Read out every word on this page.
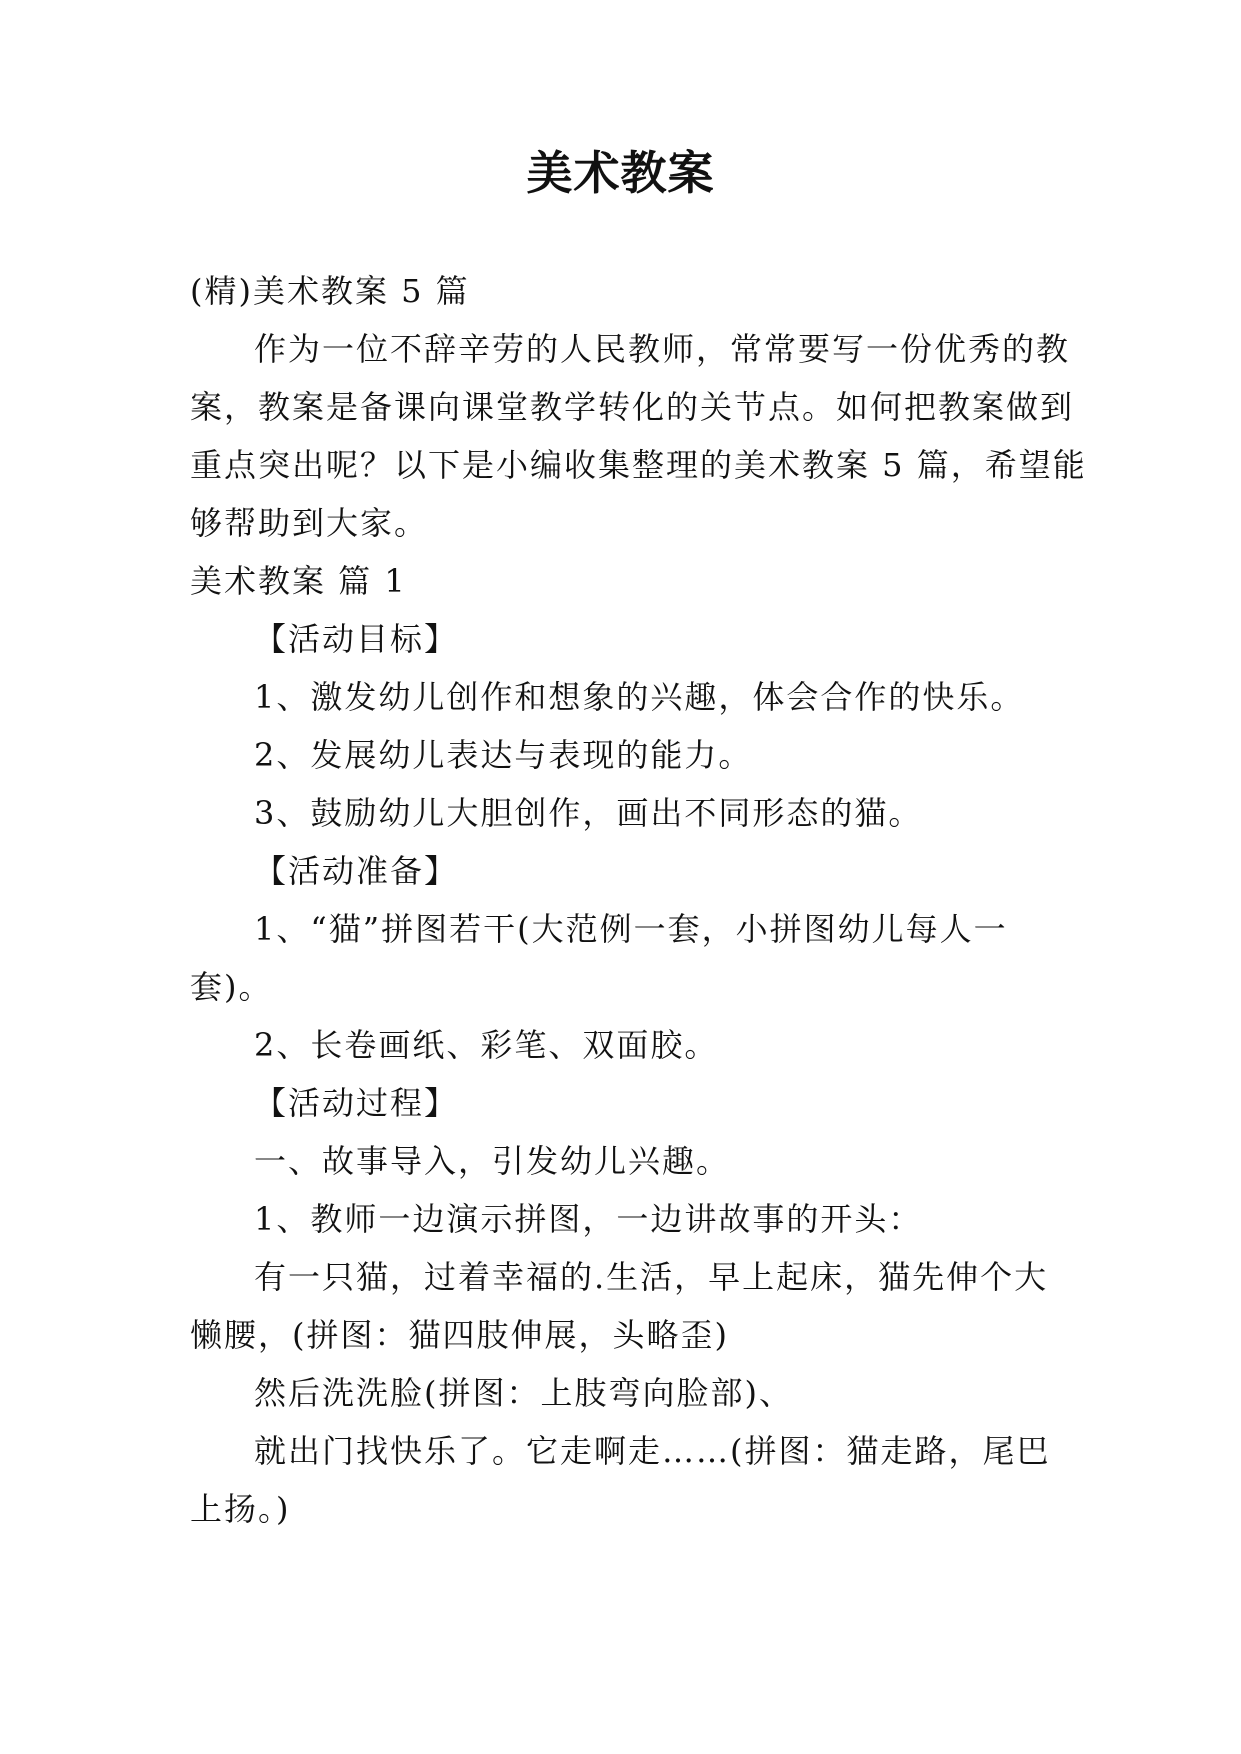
美术教案
(精)美术教案 5 篇
作为一位不辞辛劳的人民教师，常常要写一份优秀的教
案，教案是备课向课堂教学转化的关节点。如何把教案做到
重点突出呢？以下是小编收集整理的美术教案 5 篇，希望能
够帮助到大家。
美术教案 篇 1
【活动目标】
1、激发幼儿创作和想象的兴趣，体会合作的快乐。
2、发展幼儿表达与表现的能力。
3、鼓励幼儿大胆创作，画出不同形态的猫。
【活动准备】
1、“猫”拼图若干(大范例一套，小拼图幼儿每人一
套)。
2、长卷画纸、彩笔、双面胶。
【活动过程】
一、故事导入，引发幼儿兴趣。
1、教师一边演示拼图，一边讲故事的开头：
有一只猫，过着幸福的.生活，早上起床，猫先伸个大
懒腰，(拼图：猫四肢伸展，头略歪)
然后洗洗脸(拼图：上肢弯向脸部)、
就出门找快乐了。它走啊走……(拼图：猫走路，尾巴
上扬。)
